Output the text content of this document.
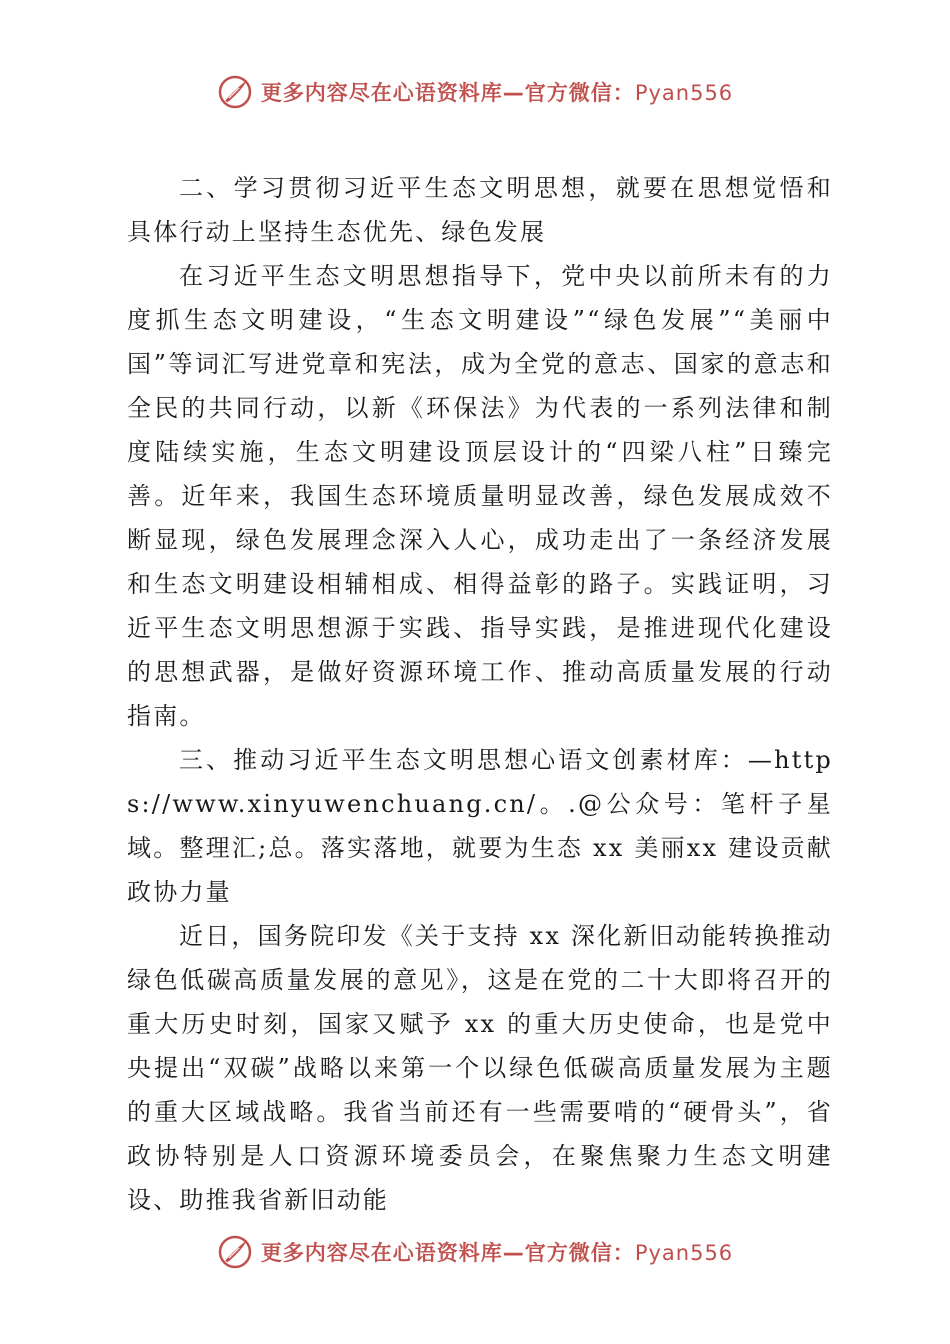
更多内容尽在心语资料库—官方微信：Pyan556

二、学习贯彻习近平生态文明思想，就要在思想觉悟和具体行动上坚持生态优先、绿色发展

在习近平生态文明思想指导下，党中央以前所未有的力度抓生态文明建设，“生态文明建设”“绿色发展”“美丽中国”等词汇写进党章和宪法，成为全党的意志、国家的意志和全民的共同行动，以新《环保法》为代表的一系列法律和制度陆续实施，生态文明建设顶层设计的“四梁八柱”日臻完善。近年来，我国生态环境质量明显改善，绿色发展成效不断显现，绿色发展理念深入人心，成功走出了一条经济发展和生态文明建设相辅相成、相得益彰的路子。实践证明，习近平生态文明思想源于实践、指导实践，是推进现代化建设的思想武器，是做好资源环境工作、推动高质量发展的行动指南。

三、推动习近平生态文明思想心语文创素材库：—https://www.xinyuwenchuang.cn/。.@公众号：笔杆子星域。整理汇;总。落实落地，就要为生态 xx 美丽xx 建设贡献政协力量

近日，国务院印发《关于支持 xx 深化新旧动能转换推动绿色低碳高质量发展的意见》，这是在党的二十大即将召开的重大历史时刻，国家又赋予 xx 的重大历史使命，也是党中央提出“双碳”战略以来第一个以绿色低碳高质量发展为主题的重大区域战略。我省当前还有一些需要啃的“硬骨头”，省政协特别是人口资源环境委员会，在聚焦聚力生态文明建设、助推我省新旧动能

更多内容尽在心语资料库—官方微信：Pyan556
